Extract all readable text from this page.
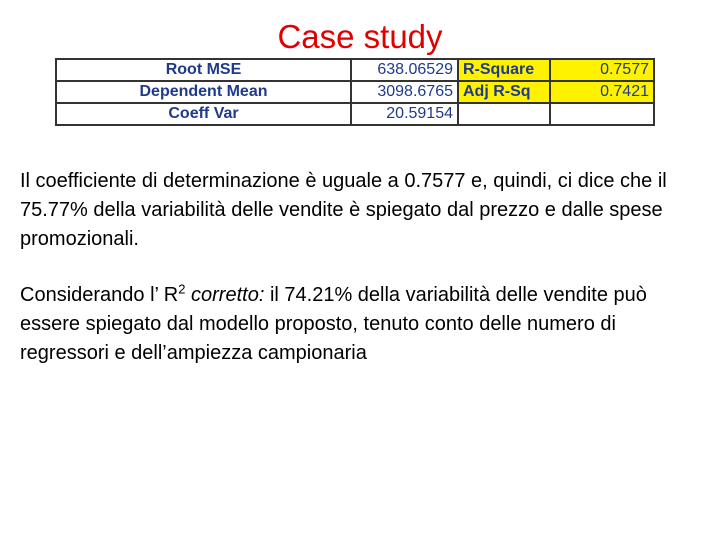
Case study
Root MSE	638.06529	R-Square	0.7577
Dependent Mean	3098.6765	Adj R-Sq	0.7421
Coeff Var	20.59154		
Il coefficiente di determinazione è uguale a 0.7577 e, quindi, ci dice che il 75.77% della variabilità delle vendite è spiegato dal prezzo e dalle spese promozionali.
Considerando l’ $R^2$ corretto: il 74.21% della variabilità delle vendite può essere spiegato dal modello proposto, tenuto conto delle numero di regressori e dell’ampiezza campionaria
